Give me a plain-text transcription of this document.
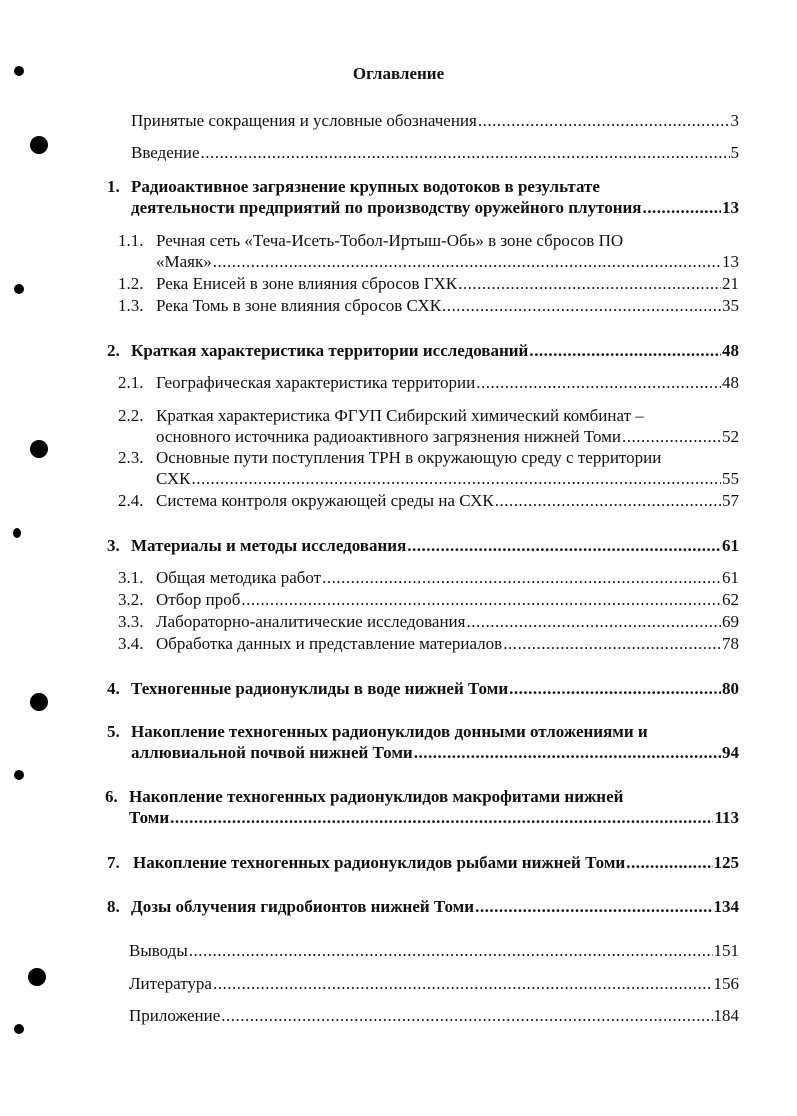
Оглавление
Принятые сокращения и условные обозначения .....	3
Введение .....	5
1. Радиоактивное загрязнение крупных водотоков в результате
деятельности предприятий по производству оружейного плутония .....	13
1.1. Речная сеть «Теча-Исеть-Тобол-Иртыш-Обь» в зоне сбросов ПО
«Маяк» .....	13
1.2. Река Енисей в зоне влияния сбросов ГХК .....	21
1.3. Река Томь в зоне влияния сбросов СХК .....	35
2. Краткая характеристика территории исследований .....	48
2.1. Географическая характеристика территории .....	48
2.2. Краткая характеристика ФГУП Сибирский химический комбинат –
основного источника радиоактивного загрязнения нижней Томи .....	52
2.3. Основные пути поступления ТРН в окружающую среду с территории
СХК .....	55
2.4. Система контроля окружающей среды на СХК .....	57
3. Материалы и методы исследования .....	61
3.1. Общая методика работ .....	61
3.2. Отбор проб .....	62
3.3. Лабораторно-аналитические исследования .....	69
3.4. Обработка данных и представление материалов .....	78
4. Техногенные радионуклиды в воде нижней Томи .....	80
5. Накопление техногенных радионуклидов донными отложениями и
аллювиальной почвой нижней Томи .....	94
6. Накопление техногенных радионуклидов макрофитами нижней
Томи .....	113
7. Накопление техногенных радионуклидов рыбами нижней Томи .....	125
8. Дозы облучения гидробионтов нижней Томи .....	134
Выводы .....	151
Литература .....	156
Приложение .....	184
